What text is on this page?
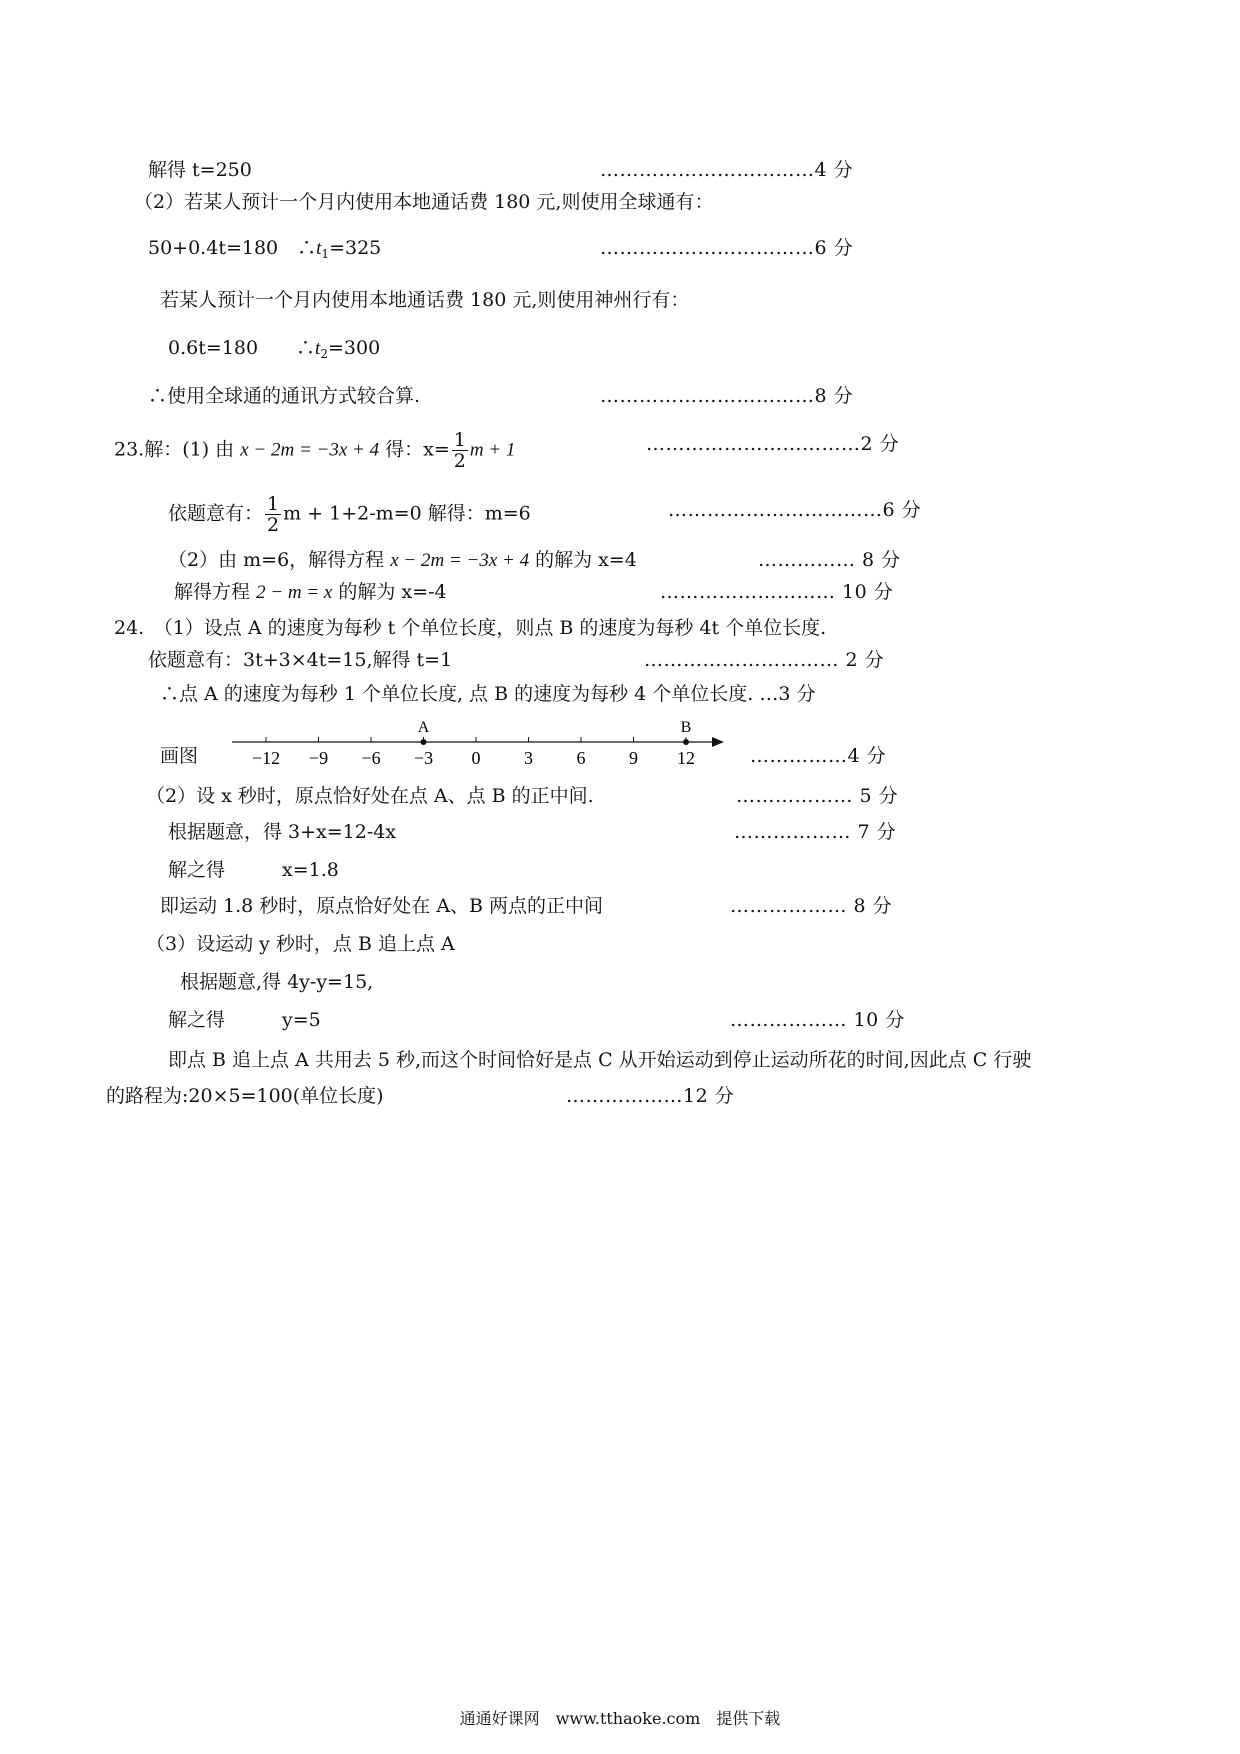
解得 t=250	……………………………4 分
（2）若某人预计一个月内使用本地通话费 180 元,则使用全球通有：
50+0.4t=180　$\therefore t_1=325$	……………………………6 分
若某人预计一个月内使用本地通话费 180 元,则使用神州行有：
0.6t=180　　$\therefore t_2=300$
∴使用全球通的通讯方式较合算.	……………………………8 分
23.解：(1) 由 x − 2m = −3x + 4 得：$x= \frac{1}{2}$ m + 1	……………………………2 分
依题意有： $\frac{1}{2}$ m + 1+2-m=0 解得：m=6	……………………………6 分
（2）由 m=6，解得方程 x − 2m = −3x + 4 的解为 x=4	…………… 8 分
解得方程 2 − m = x 的解为 x=-4	……………………… 10 分
24.　（1）设点 A 的速度为每秒 t 个单位长度，则点 B 的速度为每秒 4t 个单位长度.
依题意有：3t+3×4t=15,解得 t=1	………………………… 2 分
∴点 A 的速度为每秒 1 个单位长度, 点 B 的速度为每秒 4 个单位长度. …3 分
画图	−12 −9 −6 −3 0 3 6 9 12
A	B
……………4 分
（2）设 x 秒时，原点恰好处在点 A、点 B 的正中间.	……………… 5 分
根据题意，得 3+x=12-4x	……………… 7 分
解之得　　　x=1.8
即运动 1.8 秒时，原点恰好处在 A、B 两点的正中间	……………… 8 分
（3）设运动 y 秒时，点 B 追上点 A
根据题意,得 4y-y=15,
解之得　　　y=5	……………… 10 分
即点 B 追上点 A 共用去 5 秒,而这个时间恰好是点 C 从开始运动到停止运动所花的时间,因此点 C 行驶
的路程为:20×5=100(单位长度)	………………12 分
通通好课网　www.tthaoke.com　提供下载
